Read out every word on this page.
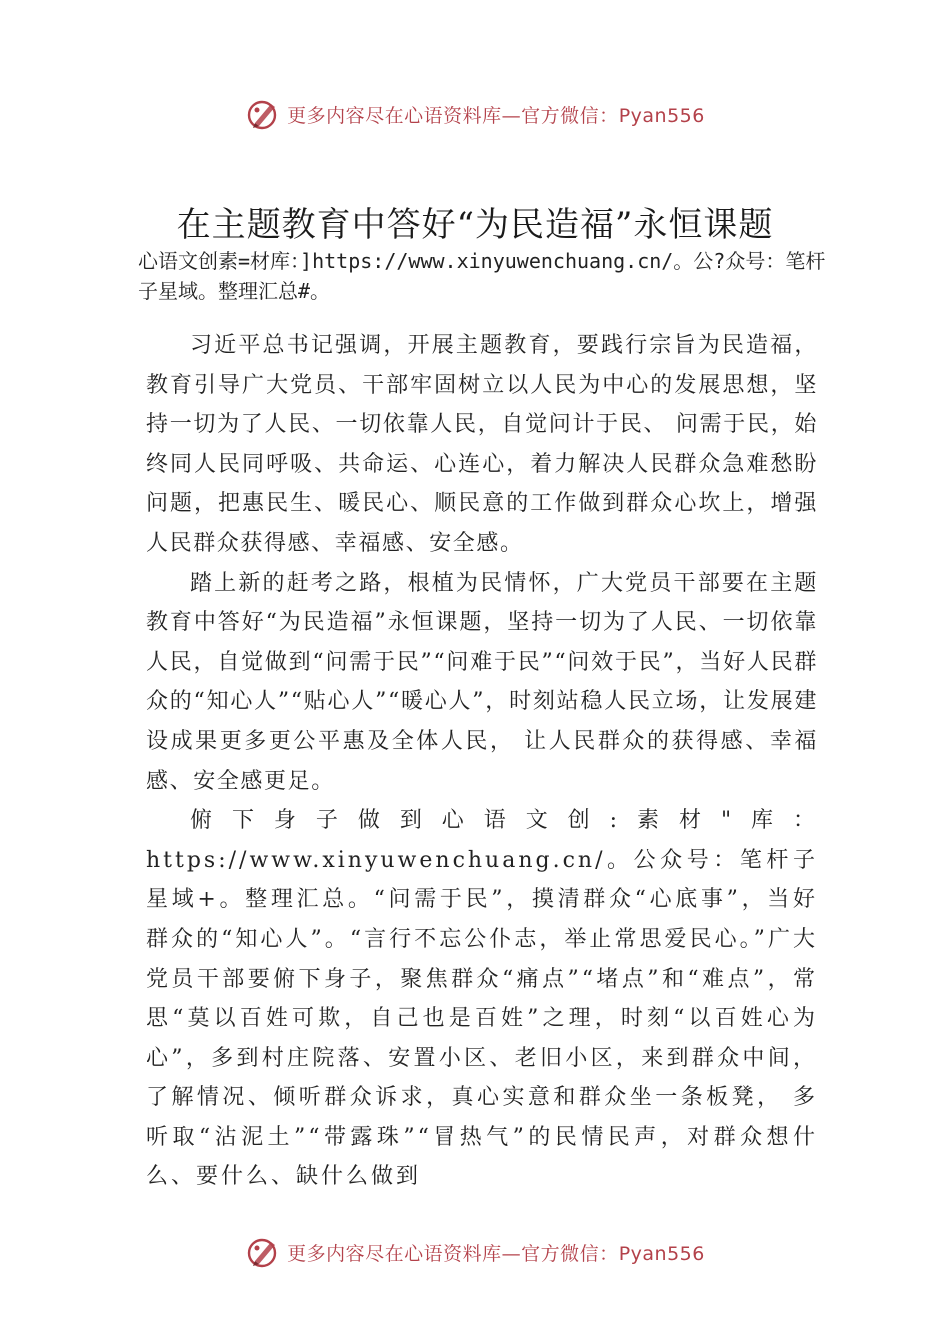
更多内容尽在心语资料库—官方微信：Pyan556
在主题教育中答好“为民造福”永恒课题

心语文创素=材库：]https://www.xinyuwenchuang.cn/。公?众号：笔杆子星域。整理汇总#。

习近平总书记强调，开展主题教育，要践行宗旨为民造福，教育引导广大党员、干部牢固树立以人民为中心的发展思想，坚持一切为了人民、一切依靠人民，自觉问计于民、 问需于民，始终同人民同呼吸、共命运、心连心，着力解决人民群众急难愁盼问题，把惠民生、暖民心、顺民意的工作做到群众心坎上，增强人民群众获得感、幸福感、安全感。

踏上新的赶考之路，根植为民情怀，广大党员干部要在主题教育中答好“为民造福”永恒课题，坚持一切为了人民、一切依靠人民，自觉做到“问需于民”“问难于民”“问效于民”，当好人民群众的“知心人”“贴心人”“暖心人”，时刻站稳人民立场，让发展建设成果更多更公平惠及全体人民， 让人民群众的获得感、幸福感、安全感更足。

俯下身子做到心语文创:素材"库：https://www.xinyuwenchuang.cn/。公众号：笔杆子星域+。整理汇总。“问需于民”，摸清群众“心底事”，当好群众的“知心人”。“言行不忘公仆志，举止常思爱民心。”广大党员干部要俯下身子，聚焦群众“痛点”“堵点”和“难点”，常思“莫以百姓可欺，自己也是百姓”之理，时刻“以百姓心为心”，多到村庄院落、安置小区、老旧小区，来到群众中间，了解情况、倾听群众诉求，真心实意和群众坐一条板凳， 多听取“沾泥土”“带露珠”“冒热气”的民情民声，对群众想什么、要什么、缺什么做到

更多内容尽在心语资料库—官方微信：Pyan556
